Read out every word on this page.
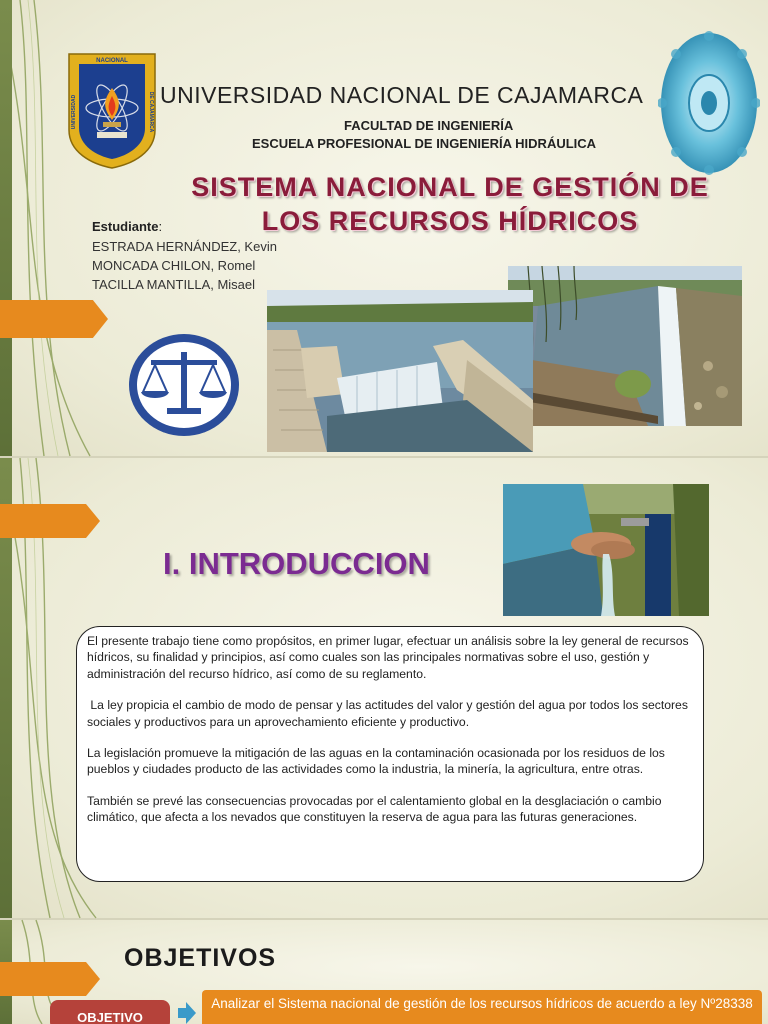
NACIONAL
UNIVERSIDAD	DE CAJAMARCA UNIVERSIDAD NACIONAL DE CAJAMARCA
FACULTAD DE INGENIERÍA
ESCUELA PROFESIONAL DE INGENIERÍA HIDRÁULICA
SISTEMA NACIONAL DE GESTIÓN DE
LOS RECURSOS HÍDRICOS
Estudiante:
ESTRADA HERNÁNDEZ, Kevin
MONCADA CHILON, Romel
TACILLA MANTILLA, Misael
I. INTRODUCCION

El presente trabajo tiene como propósitos, en primer lugar, efectuar un análisis sobre la ley general de recursos hídricos, su finalidad y principios, así como cuales son las principales normativas sobre el uso, gestión y administración del recurso hídrico, así como de su reglamento.

La ley propicia el cambio de modo de pensar y las actitudes del valor y gestión del agua por todos los sectores sociales y productivos para un aprovechamiento eficiente y productivo.

La legislación promueve la mitigación de las aguas en la contaminación ocasionada por los residuos de los pueblos y ciudades producto de las actividades como la industria, la minería, la agricultura, entre otras.

También se prevé las consecuencias provocadas por el calentamiento global en la desglaciación o cambio climático, que afecta a los nevados que constituyen la reserva de agua para las futuras generaciones.

OBJETIVOS
OBJETIVO
Analizar el Sistema nacional de gestión de los recursos hídricos de acuerdo a ley Nº28338
